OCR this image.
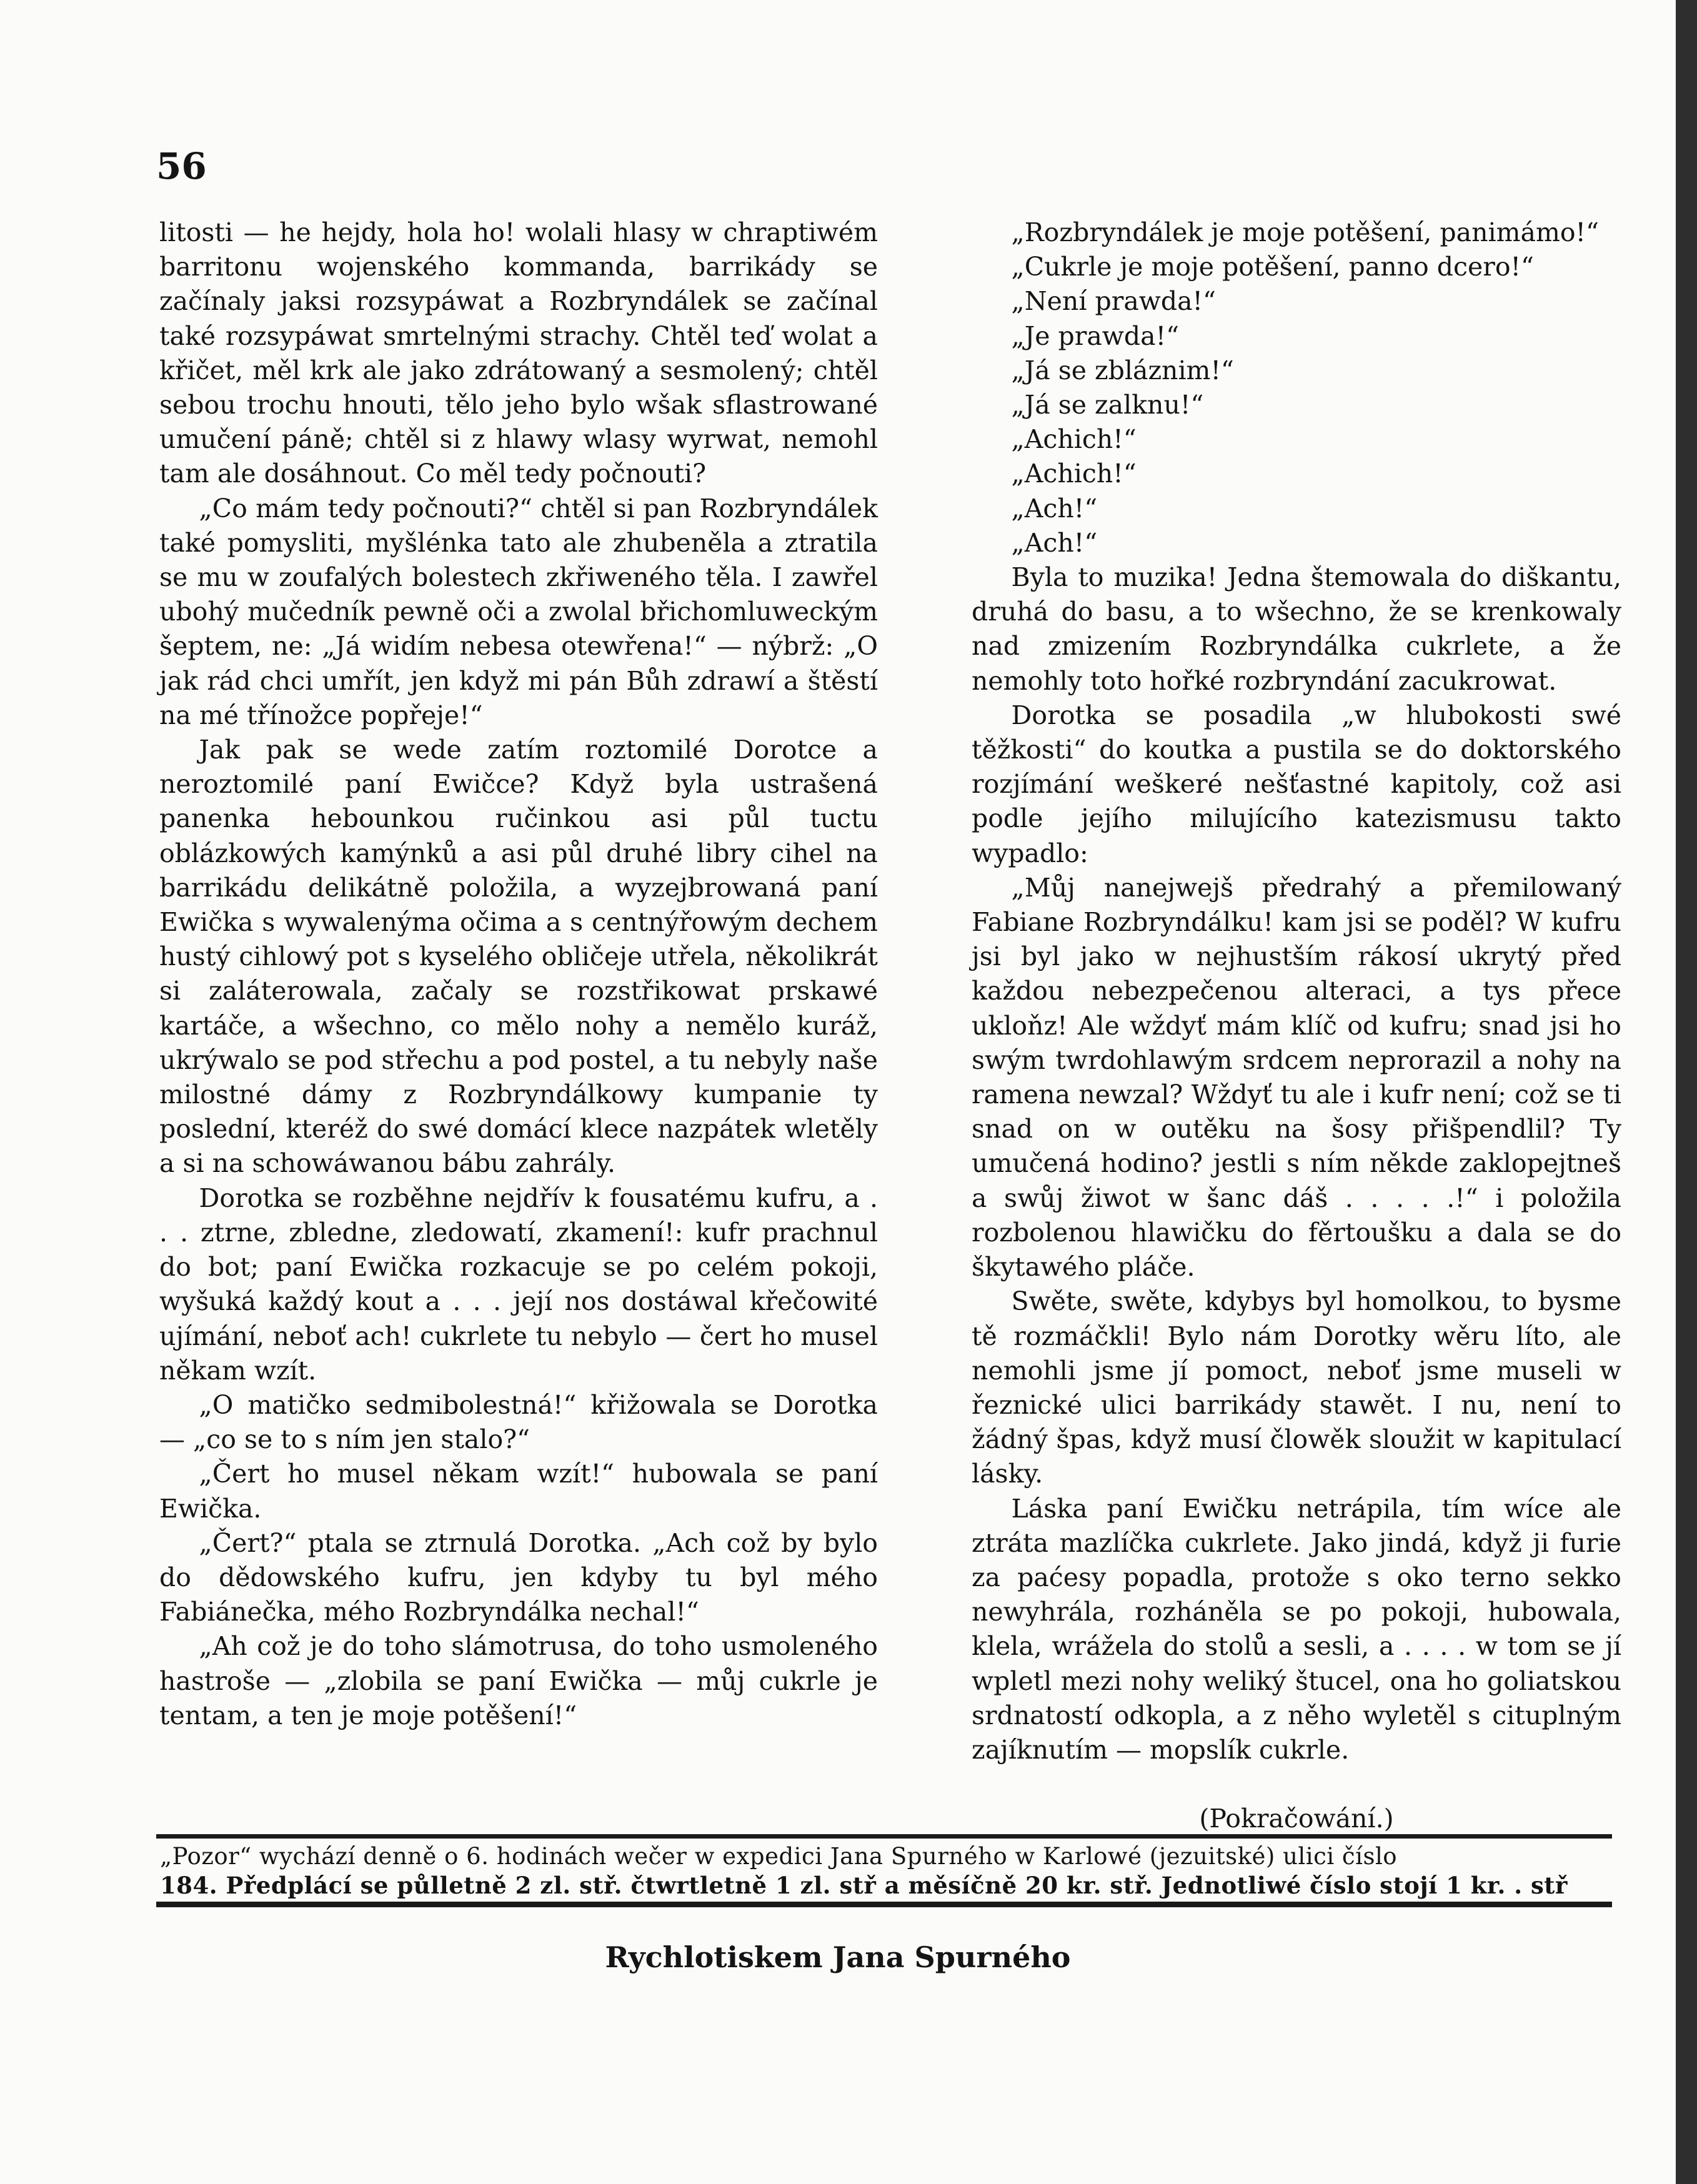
56

litosti — he hejdy, hola ho! wolali hlasy w chraptiwém barritonu wojenského kommanda, barrikády se začínaly jaksi rozsypáwat a Rozbryndálek se začínal také rozsypáwat smrtelnými strachy. Chtěl teď wolat a křičet, měl krk ale jako zdrátowaný a sesmolený; chtěl sebou trochu hnouti, tělo jeho bylo wšak sflastrowané umučení páně; chtěl si z hlawy wlasy wyrwat, nemohl tam ale dosáhnout. Co měl tedy počnouti?

„Co mám tedy počnouti?“ chtěl si pan Rozbryndálek také pomysliti, myšlénka tato ale zhubeněla a ztratila se mu w zoufalých bolestech zkřiweného těla. I zawřel ubohý mučedník pewně oči a zwolal břichomluweckým šeptem, ne: „Já widím nebesa otewřena!“ — nýbrž: „O jak rád chci umřít, jen když mi pán Bůh zdrawí a štěstí na mé třínožce popřeje!“

Jak pak se wede zatím roztomilé Dorotce a neroztomilé paní Ewičce? Když byla ustrašená panenka hebounkou ručinkou asi půl tuctu oblázkowých kamýnků a asi půl druhé libry cihel na barrikádu delikátně položila, a wyzejbrowaná paní Ewička s wywalenýma očima a s centnýřowým dechem hustý cihlowý pot s kyselého obličeje utřela, několikrát si zaláterowala, začaly se rozstřikowat prskawé kartáče, a wšechno, co mělo nohy a nemělo kuráž, ukrýwalo se pod střechu a pod postel, a tu nebyly naše milostné dámy z Rozbryndálkowy kumpanie ty poslední, kteréž do swé domácí klece nazpátek wletěly a si na schowáwanou bábu zahrály.

Dorotka se rozběhne nejdřív k fousatému kufru, a . . . ztrne, zbledne, zledowatí, zkamení!: kufr prachnul do bot; paní Ewička rozkacuje se po celém pokoji, wyšuká každý kout a . . . její nos dostáwal křečowité ujímání, neboť ach! cukrlete tu nebylo — čert ho musel někam wzít.

„O matičko sedmibolestná!“ křižowala se Dorotka — „co se to s ním jen stalo?“

„Čert ho musel někam wzít!“ hubowala se paní Ewička.

„Čert?“ ptala se ztrnulá Dorotka. „Ach což by bylo do dědowského kufru, jen kdyby tu byl mého Fabiánečka, mého Rozbryndálka nechal!“

„Ah což je do toho slámotrusa, do toho usmoleného hastrošе — „zlobila se paní Ewička — můj cukrle je tentam, a ten je moje potěšení!“

„Rozbryndálek je moje potěšení, panimámo!“

„Cukrle je moje potěšení, panno dcero!“

„Není prawda!“

„Je prawda!“

„Já se zbláznim!“

„Já se zalknu!“

„Achich!“

„Achich!“

„Ach!“

„Ach!“

Byla to muzika! Jedna štemowala do diškantu, druhá do basu, a to wšechno, že se krenkowaly nad zmizením Rozbryndálka cukrlete, a že nemohly toto hořké rozbryndání zacukrowat.

Dorotka se posadila „w hlubokosti swé těžkosti“ do koutka a pustila se do doktorského rozjímání weškeré nešťastné kapitoly, což asi podle jejího milujícího katezismusu takto wypadlo:

„Můj nanejwejš předrahý a přemilowaný Fabiane Rozbryndálku! kam jsi se poděl? W kufru jsi byl jako w nejhustším rákosí ukrytý před každou nebezpečenou alteraci, a tys přece ukloňz! Ale wždyť mám klíč od kufru; snad jsi ho swým twrdohlawým srdcem neprorazil a nohy na ramena newzal? Wždyť tu ale i kufr není; což se ti snad on w outěku na šosy přišpendlil? Ty umučená hodino? jestli s ním někde zaklopejtneš a swůj žiwot w šanc dáš . . . . .!“ i položila rozbolenou hlawičku do fěrtoušku a dala se do škytawého pláče.

Swěte, swěte, kdybys byl homolkou, to bysme tě rozmáčkli! Bylo nám Dorotky wěru líto, ale nemohli jsme jí pomoct, neboť jsme museli w řeznické ulici barrikády stawět. I nu, není to žádný špas, když musí člowěk sloužit w kapitulací lásky.

Láska paní Ewičku netrápila, tím wíce ale ztráta mazlíčka cukrlete. Jako jindá, když ji furie za paćesy popadla, protože s oko terno sekko newyhrála, rozháněla se po pokoji, hubowala, klela, wrážela do stolů a sesli, a . . . . w tom se jí wpletl mezi nohy weliký štucel, ona ho goliatskou srdnatostí odkopla, a z něho wyletěl s cituplným zajíknutím — mopslík cukrle.

(Pokračowání.)

„Pozor“ wychází denně o 6. hodinách wečer w expedici Jana Spurného w Karlowé (jezuitské) ulici číslo
184. Předplácí se půlletně 2 zl. stř. čtwrtletně 1 zl. stř a měsíčně 20 kr. stř. Jednotliwé číslo stojí 1 kr. . stř
Rychlotiskem Jana Spurného
